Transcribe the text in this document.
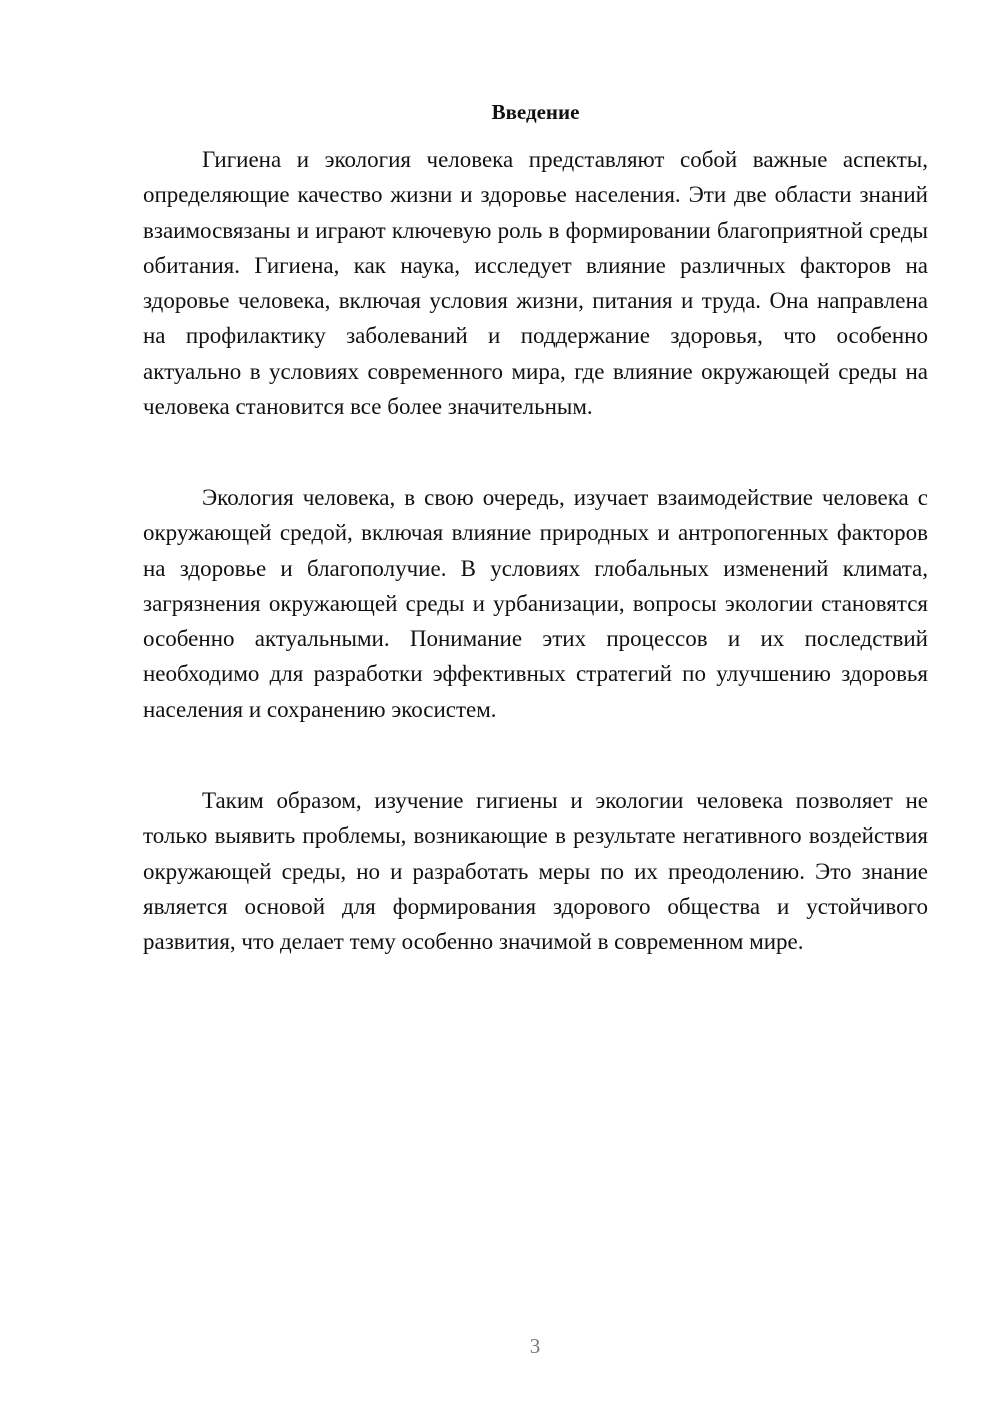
Введение

Гигиена и экология человека представляют собой важные аспекты, определяющие качество жизни и здоровье населения. Эти две области знаний взаимосвязаны и играют ключевую роль в формировании благоприятной среды обитания. Гигиена, как наука, исследует влияние различных факторов на здоровье человека, включая условия жизни, питания и труда. Она направлена на профилактику заболеваний и поддержание здоровья, что особенно актуально в условиях современного мира, где влияние окружающей среды на человека становится все более значительным.

Экология человека, в свою очередь, изучает взаимодействие человека с окружающей средой, включая влияние природных и антропогенных факторов на здоровье и благополучие. В условиях глобальных изменений климата, загрязнения окружающей среды и урбанизации, вопросы экологии становятся особенно актуальными. Понимание этих процессов и их последствий необходимо для разработки эффективных стратегий по улучшению здоровья населения и сохранению экосистем.

Таким образом, изучение гигиены и экологии человека позволяет не только выявить проблемы, возникающие в результате негативного воздействия окружающей среды, но и разработать меры по их преодолению. Это знание является основой для формирования здорового общества и устойчивого развития, что делает тему особенно значимой в современном мире.

3
